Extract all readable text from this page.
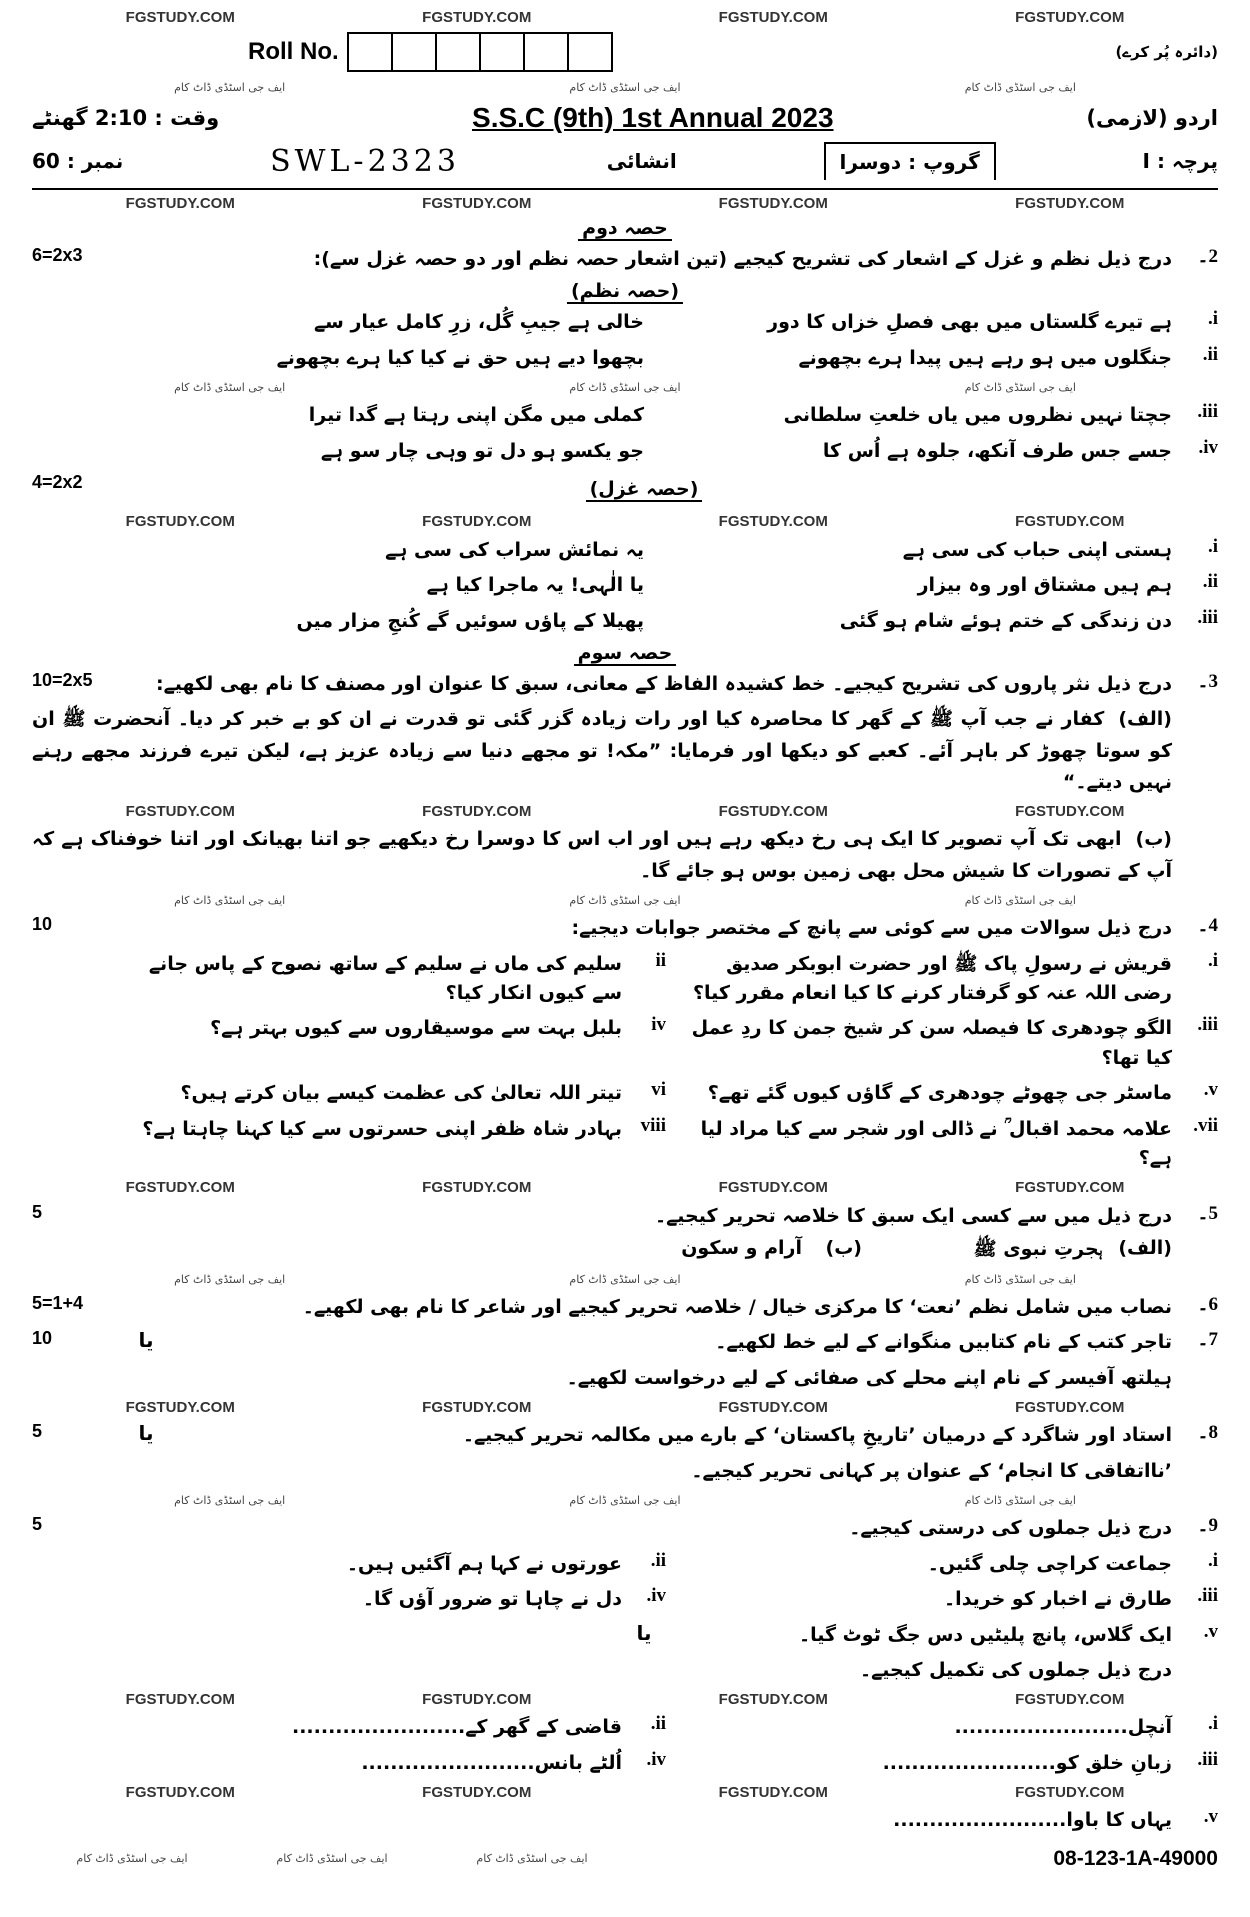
FGSTUDY.COM	FGSTUDY.COM	FGSTUDY.COM	FGSTUDY.COM
(دائرہ پُر کرے)
Roll No.
ایف جی اسٹڈی ڈاٹ کام	ایف جی اسٹڈی ڈاٹ کام	ایف جی اسٹڈی ڈاٹ کام
اردو (لازمی)
S.S.C (9th) 1st Annual 2023
وقت : 2:10 گھنٹے
پرچہ : I
گروپ : دوسرا
انشائی
SWL-2323
نمبر : 60
FGSTUDY.COM	FGSTUDY.COM	FGSTUDY.COM	FGSTUDY.COM
حصہ دوم
2۔
درج ذیل نظم و غزل کے اشعار کی تشریح کیجیے (تین اشعار حصہ نظم اور دو حصہ غزل سے):
6=2x3
(حصہ نظم)
i.
ہے تیرے گلستاں میں بھی فصلِ خزاں کا دور
خالی ہے جیبِ گُل، زرِ کامل عیار سے
ii.
جنگلوں میں ہو رہے ہیں پیدا ہرے بچھونے
بچھوا دیے ہیں حق نے کیا کیا ہرے بچھونے
ایف جی اسٹڈی ڈاٹ کام	ایف جی اسٹڈی ڈاٹ کام	ایف جی اسٹڈی ڈاٹ کام
iii.
جچتا نہیں نظروں میں یاں خلعتِ سلطانی
کملی میں مگن اپنی رہتا ہے گدا تیرا
iv.
جسے جس طرف آنکھ، جلوہ ہے اُس کا
جو یکسو ہو دل تو وہی چار سو ہے
(حصہ غزل)
4=2x2
FGSTUDY.COM	FGSTUDY.COM	FGSTUDY.COM	FGSTUDY.COM
i.
ہستی اپنی حباب کی سی ہے
یہ نمائش سراب کی سی ہے
ii.
ہم ہیں مشتاق اور وہ بیزار
یا الٰہی! یہ ماجرا کیا ہے
iii.
دن زندگی کے ختم ہوئے شام ہو گئی
پھیلا کے پاؤں سوئیں گے کُنجِ مزار میں
حصہ سوم
3۔
درج ذیل نثر پاروں کی تشریح کیجیے۔ خط کشیدہ الفاظ کے معانی، سبق کا عنوان اور مصنف کا نام بھی لکھیے:
10=2x5
(الف)کفار نے جب آپ ﷺ کے گھر کا محاصرہ کیا اور رات زیادہ گزر گئی تو قدرت نے ان کو بے خبر کر دیا۔ آنحضرت ﷺ ان کو سوتا چھوڑ کر باہر آئے۔ کعبے کو دیکھا اور فرمایا: ”مکہ! تو مجھے دنیا سے زیادہ عزیز ہے، لیکن تیرے فرزند مجھے رہنے نہیں دیتے۔“
FGSTUDY.COM	FGSTUDY.COM	FGSTUDY.COM	FGSTUDY.COM
(ب)ابھی تک آپ تصویر کا ایک ہی رخ دیکھ رہے ہیں اور اب اس کا دوسرا رخ دیکھیے جو اتنا بھیانک اور اتنا خوفناک ہے کہ آپ کے تصورات کا شیش محل بھی زمین بوس ہو جائے گا۔
ایف جی اسٹڈی ڈاٹ کام	ایف جی اسٹڈی ڈاٹ کام	ایف جی اسٹڈی ڈاٹ کام
4۔
درج ذیل سوالات میں سے کوئی سے پانچ کے مختصر جوابات دیجیے:
10
i.
قریش نے رسولِ پاک ﷺ اور حضرت ابوبکر صدیق رضی اللہ عنہ کو گرفتار کرنے کا کیا انعام مقرر کیا؟
ii
سلیم کی ماں نے سلیم کے ساتھ نصوح کے پاس جانے سے کیوں انکار کیا؟
iii.
الگو چودھری کا فیصلہ سن کر شیخ جمن کا ردِ عمل کیا تھا؟
iv
بلبل بہت سے موسیقاروں سے کیوں بہتر ہے؟
v.
ماسٹر جی چھوٹے چودھری کے گاؤں کیوں گئے تھے؟
vi
تیتر اللہ تعالیٰ کی عظمت کیسے بیان کرتے ہیں؟
vii.
علامہ محمد اقبال ؒ نے ڈالی اور شجر سے کیا مراد لیا ہے؟
viii
بہادر شاہ ظفر اپنی حسرتوں سے کیا کہنا چاہتا ہے؟
FGSTUDY.COM	FGSTUDY.COM	FGSTUDY.COM	FGSTUDY.COM
5۔
درج ذیل میں سے کسی ایک سبق کا خلاصہ تحریر کیجیے۔
5
(الف)
ہجرتِ نبوی ﷺ
(ب)
آرام و سکون
ایف جی اسٹڈی ڈاٹ کام	ایف جی اسٹڈی ڈاٹ کام	ایف جی اسٹڈی ڈاٹ کام
6۔
نصاب میں شامل نظم ’نعت‘ کا مرکزی خیال / خلاصہ تحریر کیجیے اور شاعر کا نام بھی لکھیے۔
5=1+4
7۔
تاجر کتب کے نام کتابیں منگوانے کے لیے خط لکھیے۔
یا
10
ہیلتھ آفیسر کے نام اپنے محلے کی صفائی کے لیے درخواست لکھیے۔
FGSTUDY.COM	FGSTUDY.COM	FGSTUDY.COM	FGSTUDY.COM
8۔
استاد اور شاگرد کے درمیان ’تاریخِ پاکستان‘ کے بارے میں مکالمہ تحریر کیجیے۔
یا
5
’نااتفاقی کا انجام‘ کے عنوان پر کہانی تحریر کیجیے۔
ایف جی اسٹڈی ڈاٹ کام	ایف جی اسٹڈی ڈاٹ کام	ایف جی اسٹڈی ڈاٹ کام
9۔
درج ذیل جملوں کی درستی کیجیے۔
5
i.
جماعت کراچی چلی گئیں۔
ii.
عورتوں نے کہا ہم آگئیں ہیں۔
iii.
طارق نے اخبار کو خریدا۔
iv.
دل نے چاہا تو ضرور آؤں گا۔
v.
ایک گلاس، پانچ پلیٹیں دس جگ ٹوٹ گیا۔
یا
درج ذیل جملوں کی تکمیل کیجیے۔
FGSTUDY.COM	FGSTUDY.COM	FGSTUDY.COM	FGSTUDY.COM
i.
آنچل........................
ii.
قاضی کے گھر کے........................
iii.
زبانِ خلق کو........................
iv.
اُلٹے بانس........................
FGSTUDY.COM	FGSTUDY.COM	FGSTUDY.COM	FGSTUDY.COM
v.
یہاں کا باوا........................
08-123-1A-49000
ایف جی اسٹڈی ڈاٹ کام	ایف جی اسٹڈی ڈاٹ کام	ایف جی اسٹڈی ڈاٹ کام
